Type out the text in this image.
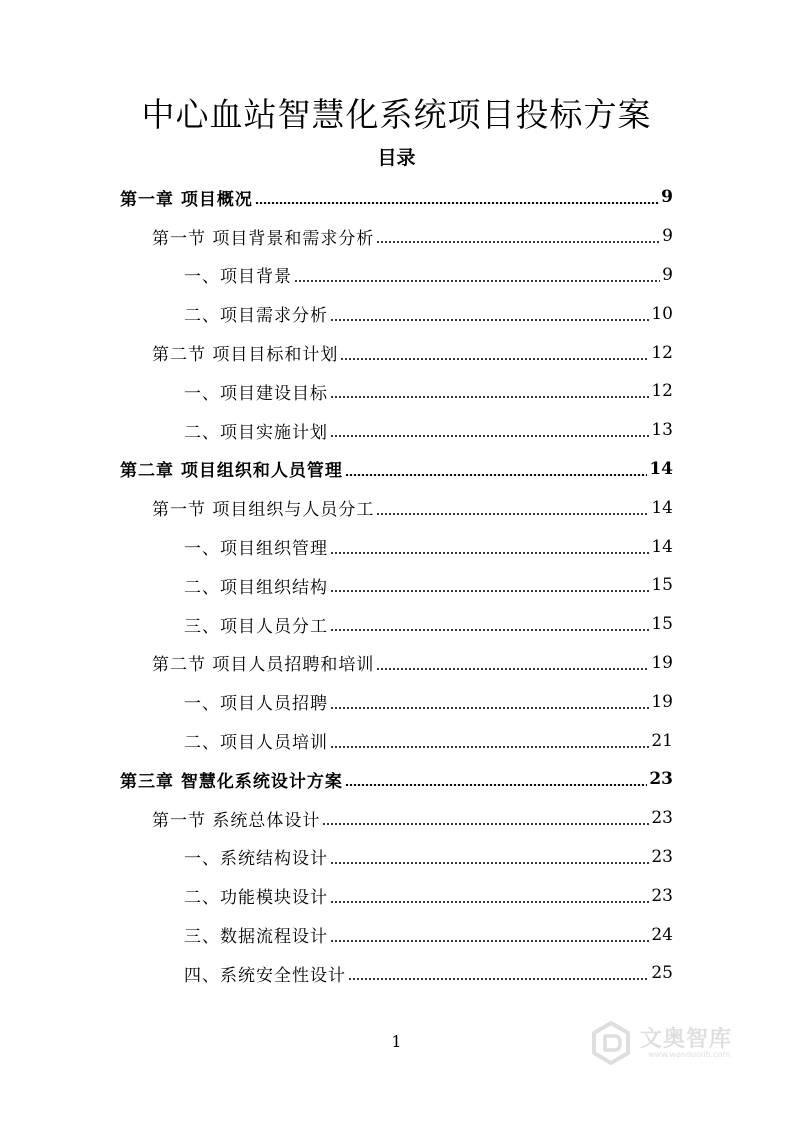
中心血站智慧化系统项目投标方案
目录
第一章 项目概况	9
第一节 项目背景和需求分析	9
一、项目背景	9
二、项目需求分析	10
第二节 项目目标和计划	12
一、项目建设目标	12
二、项目实施计划	13
第二章 项目组织和人员管理	14
第一节 项目组织与人员分工	14
一、项目组织管理	14
二、项目组织结构	15
三、项目人员分工	15
第二节 项目人员招聘和培训	19
一、项目人员招聘	19
二、项目人员培训	21
第三章 智慧化系统设计方案	23
第一节 系统总体设计	23
一、系统结构设计	23
二、功能模块设计	23
三、数据流程设计	24
四、系统安全性设计	25
1	文奥智库
www.wenduolib.com
